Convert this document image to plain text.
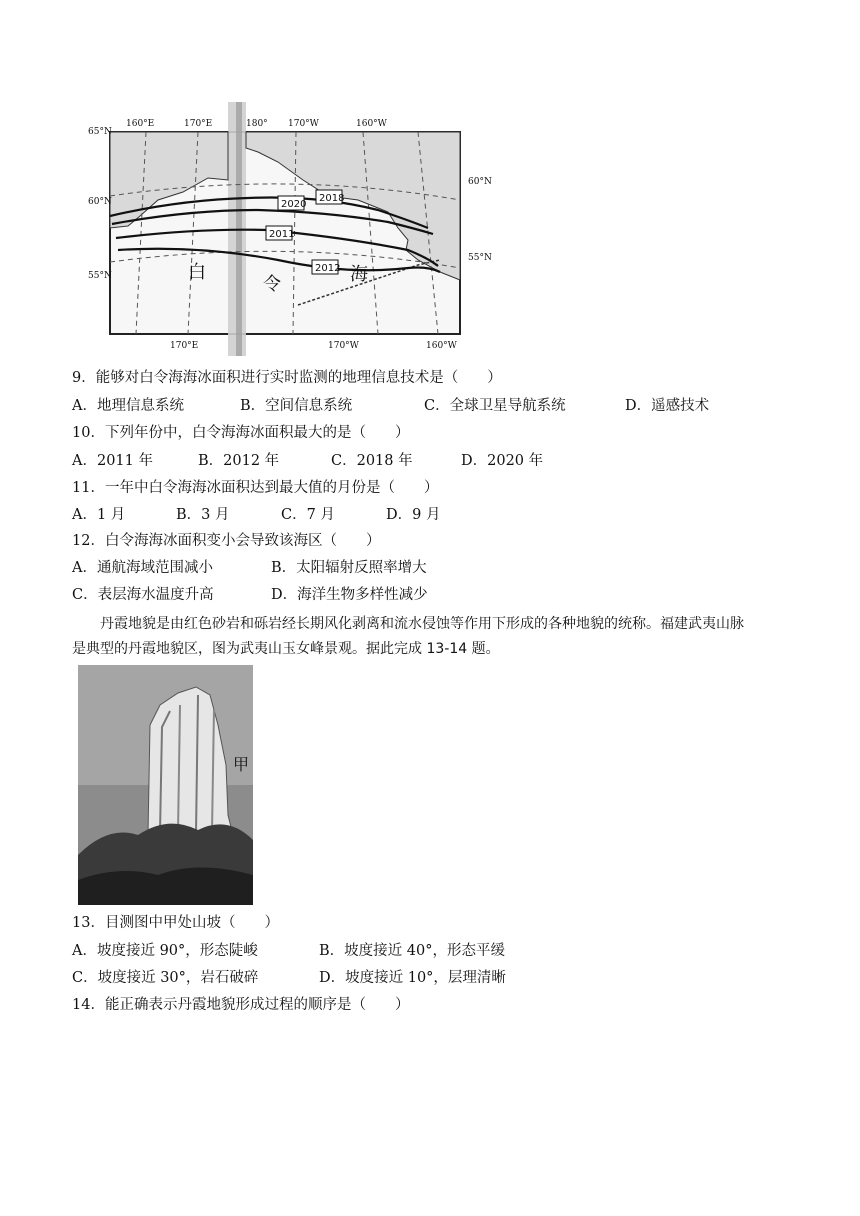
白
令	海
2020
2018
2011
2012
160°E	170°E	180° 170°W	160°W
170°E	170°W	160°W
65°N
60°N
55°N
60°N
55°N
9．能够对白令海海冰面积进行实时监测的地理信息技术是（　　）
A．地理信息系统	B．空间信息系统	C．全球卫星导航系统	D．遥感技术
10．下列年份中，白令海海冰面积最大的是（　　）
A．2011 年	B．2012 年	C．2018 年	D．2020 年
11．一年中白令海海冰面积达到最大值的月份是（　　）
A．1 月	B．3 月	C．7 月	D．9 月
12．白令海海冰面积变小会导致该海区（　　）
A．通航海域范围减小	B．太阳辐射反照率增大
C．表层海水温度升高	D．海洋生物多样性减少
丹霞地貌是由红色砂岩和砾岩经长期风化剥离和流水侵蚀等作用下形成的各种地貌的统称。福建武夷山脉
是典型的丹霞地貌区，图为武夷山玉女峰景观。据此完成 13-14 题。
甲
13．目测图中甲处山坡（　　）
A．坡度接近 90°，形态陡峻	B．坡度接近 40°，形态平缓
C．坡度接近 30°，岩石破碎	D．坡度接近 10°，层理清晰
14．能正确表示丹霞地貌形成过程的顺序是（　　）
